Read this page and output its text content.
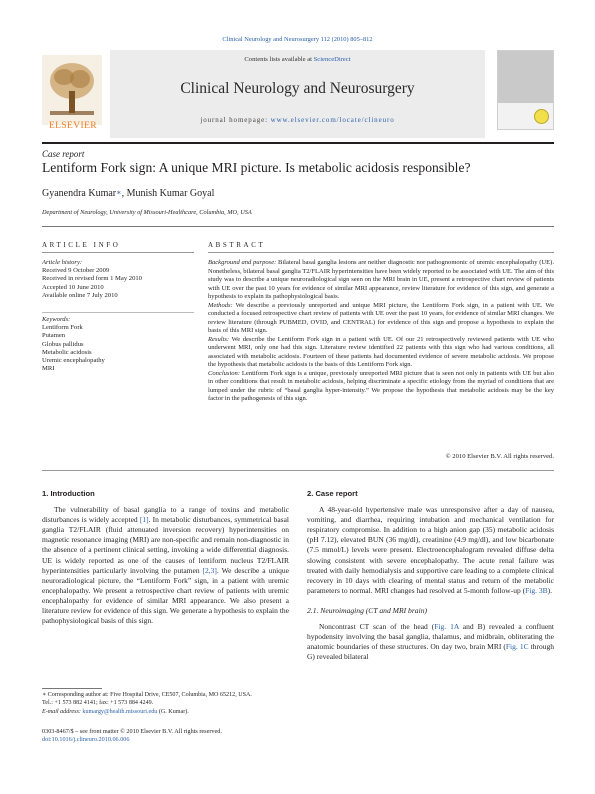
Clinical Neurology and Neurosurgery 112 (2010) 805–812
Contents lists available at ScienceDirect
Clinical Neurology and Neurosurgery
journal homepage: www.elsevier.com/locate/clineuro
ELSEVIER
Case report
Lentiform Fork sign: A unique MRI picture. Is metabolic acidosis responsible?
Gyanendra Kumar∗, Munish Kumar Goyal
Department of Neurology, University of Missouri-Healthcare, Columbia, MO, USA
ARTICLE INFO
Article history:
Received 9 October 2009
Received in revised form 1 May 2010
Accepted 10 June 2010
Available online 7 July 2010
Keywords:
Lentiform Fork
Putamen
Globus pallidus
Metabolic acidosis
Uremic encephalopathy
MRI
ABSTRACT

Background and purpose: Bilateral basal ganglia lesions are neither diagnostic nor pathognomonic of uremic encephalopathy (UE). Nonetheless, bilateral basal ganglia T2/FLAIR hyperintensities have been widely reported to be associated with UE. The aim of this study was to describe a unique neuroradiological sign seen on the MRI brain in UE, present a retrospective chart review of patients with UE over the past 10 years for evidence of similar MRI appearance, review literature for evidence of this sign, and generate a hypothesis to explain its pathophysiological basis.

Methods: We describe a previously unreported and unique MRI picture, the Lentiform Fork sign, in a patient with UE. We conducted a focused retrospective chart review of patients with UE over the past 10 years, for evidence of similar MRI changes. We review literature (through PUBMED, OVID, and CENTRAL) for evidence of this sign and propose a hypothesis to explain the basis of this MRI sign.

Results: We describe the Lentiform Fork sign in a patient with UE. Of our 21 retrospectively reviewed patients with UE who underwent MRI, only one had this sign. Literature review identified 22 patients with this sign who had various conditions, all associated with metabolic acidosis. Fourteen of these patients had documented evidence of severe metabolic acidosis. We propose the hypothesis that metabolic acidosis is the basis of this Lentiform Fork sign.

Conclusion: Lentiform Fork sign is a unique, previously unreported MRI picture that is seen not only in patients with UE but also in other conditions that result in metabolic acidosis, helping discriminate a specific etiology from the myriad of conditions that are lumped under the rubric of “basal ganglia hyper-intensity.” We propose the hypothesis that metabolic acidosis may be the key factor in the pathogenesis of this sign.

© 2010 Elsevier B.V. All rights reserved.
1. Introduction

The vulnerability of basal ganglia to a range of toxins and metabolic disturbances is widely accepted [1]. In metabolic disturbances, symmetrical basal ganglia T2/FLAIR (fluid attenuated inversion recovery) hyperintensities on magnetic resonance imaging (MRI) are non-specific and remain non-diagnostic in the absence of a pertinent clinical setting, invoking a wide differential diagnosis. UE is widely reported as one of the causes of lentiform nucleus T2/FLAIR hyperintensities particularly involving the putamen [2,3]. We describe a unique neuroradiological picture, the “Lentiform Fork” sign, in a patient with uremic encephalopathy. We present a retrospective chart review of patients with uremic encephalopathy for evidence of similar MRI appearance. We also present a literature review for evidence of this sign. We generate a hypothesis to explain the pathophysiological basis of this sign.

2. Case report

A 48-year-old hypertensive male was unresponsive after a day of nausea, vomiting, and diarrhea, requiring intubation and mechanical ventilation for respiratory compromise. In addition to a high anion gap (35) metabolic acidosis (pH 7.12), elevated BUN (36 mg/dl), creatinine (4.9 mg/dl), and low bicarbonate (7.5 mmol/L) levels were present. Electroencephalogram revealed diffuse delta slowing consistent with severe encephalopathy. The acute renal failure was treated with daily hemodialysis and supportive care leading to a complete clinical recovery in 10 days with clearing of mental status and return of the metabolic parameters to normal. MRI changes had resolved at 5-month follow-up (Fig. 3B).

2.1. Neuroimaging (CT and MRI brain)

Noncontrast CT scan of the head (Fig. 1A and B) revealed a confluent hypodensity involving the basal ganglia, thalamus, and midbrain, obliterating the anatomic boundaries of these structures. On day two, brain MRI (Fig. 1C through G) revealed bilateral

∗ Corresponding author at: Five Hospital Drive, CE507, Columbia, MO 65212, USA.
Tel.: +1 573 882 4141; fax: +1 573 884 4249.
E-mail address: kumargy@health.missouri.edu (G. Kumar).
0303-8467/$ – see front matter © 2010 Elsevier B.V. All rights reserved.
doi:10.1016/j.clineuro.2010.06.006
